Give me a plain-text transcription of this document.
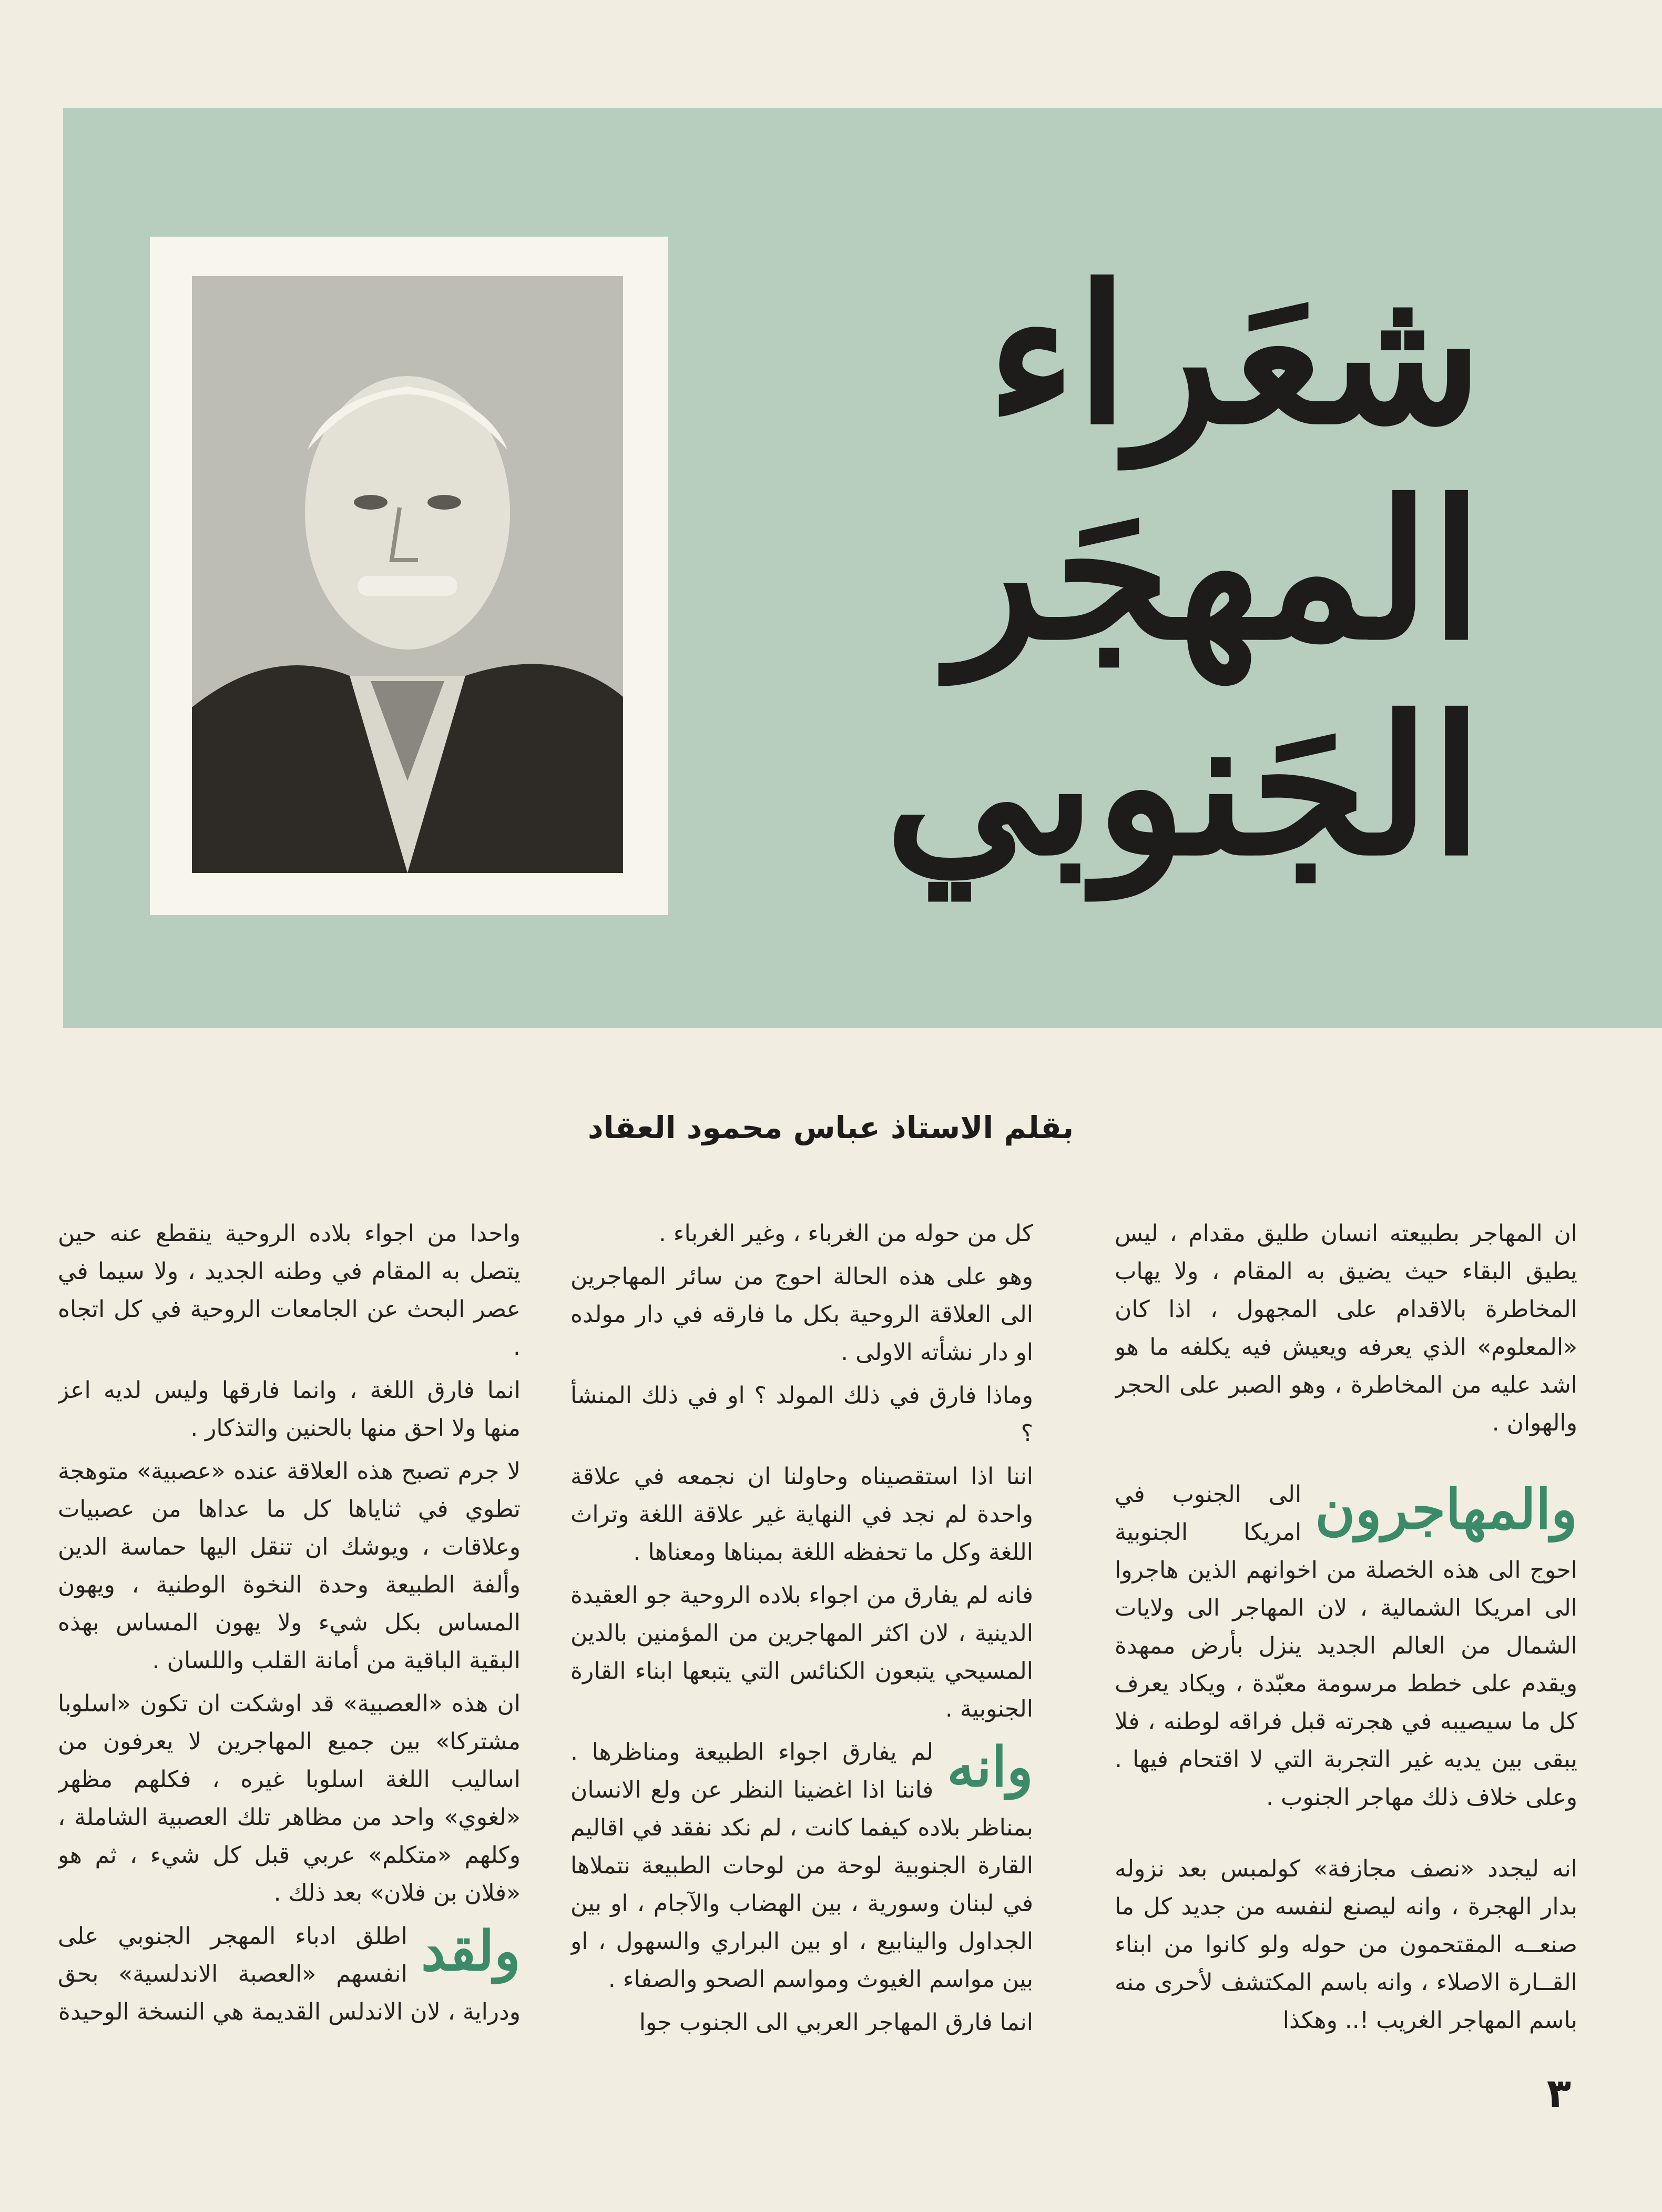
شعَراء
المهجَر
الجَنوبي
بقلم الاستاذ عباس محمود العقاد

ان المهاجر بطبيعته انسان طليق مقدام ، ليس يطيق البقاء حيث يضيق به المقام ، ولا يهاب المخاطرة بالاقدام على المجهول ، اذا كان «المعلوم» الذي يعرفه ويعيش فيه يكلفه ما هو اشد عليه من المخاطرة ، وهو الصبر على الحجر والهوان .

والمهاجرون
الى الجنوب في امريكا الجنوبية احوج الى هذه الخصلة من اخوانهم الذين هاجروا الى امريكا الشمالية ، لان المهاجر الى ولايات الشمال من العالم الجديد ينزل بأرض ممهدة ويقدم على خطط مرسومة معبّدة ، ويكاد يعرف كل ما سيصيبه في هجرته قبل فراقه لوطنه ، فلا يبقى بين يديه غير التجربة التي لا اقتحام فيها . وعلى خلاف ذلك مهاجر الجنوب .

انه ليجدد «نصف مجازفة» كولمبس بعد نزوله بدار الهجرة ، وانه ليصنع لنفسه من جديد كل ما صنعــه المقتحمون من حوله ولو كانوا من ابناء القــارة الاصلاء ، وانه باسم المكتشف لأحرى منه باسم المهاجر الغريب !.. وهكذا

كل من حوله من الغرباء ، وغير الغرباء .

وهو على هذه الحالة احوج من سائر المهاجرين الى العلاقة الروحية بكل ما فارقه في دار مولده او دار نشأته الاولى .

وماذا فارق في ذلك المولد ؟ او في ذلك المنشأ ؟

اننا اذا استقصيناه وحاولنا ان نجمعه في علاقة واحدة لم نجد في النهاية غير علاقة اللغة وتراث اللغة وكل ما تحفظه اللغة بمبناها ومعناها .

فانه لم يفارق من اجواء بلاده الروحية جو العقيدة الدينية ، لان اكثر المهاجرين من المؤمنين بالدين المسيحي يتبعون الكنائس التي يتبعها ابناء القارة الجنوبية .

وانه
لم يفارق اجواء الطبيعة ومناظرها . فاننا اذا اغضينا النظر عن ولع الانسان بمناظر بلاده كيفما كانت ، لم نكد نفقد في اقاليم القارة الجنوبية لوحة من لوحات الطبيعة نتملاها في لبنان وسورية ، بين الهضاب والآجام ، او بين الجداول والينابيع ، او بين البراري والسهول ، او بين مواسم الغيوث ومواسم الصحو والصفاء .

انما فارق المهاجر العربي الى الجنوب جوا

واحدا من اجواء بلاده الروحية ينقطع عنه حين يتصل به المقام في وطنه الجديد ، ولا سيما في عصر البحث عن الجامعات الروحية في كل اتجاه .

انما فارق اللغة ، وانما فارقها وليس لديه اعز منها ولا احق منها بالحنين والتذكار .

لا جرم تصبح هذه العلاقة عنده «عصبية» متوهجة تطوي في ثناياها كل ما عداها من عصبيات وعلاقات ، ويوشك ان تنقل اليها حماسة الدين وألفة الطبيعة وحدة النخوة الوطنية ، ويهون المساس بكل شيء ولا يهون المساس بهذه البقية الباقية من أمانة القلب واللسان .

ان هذه «العصبية» قد اوشكت ان تكون «اسلوبا مشتركا» بين جميع المهاجرين لا يعرفون من اساليب اللغة اسلوبا غيره ، فكلهم مظهر «لغوي» واحد من مظاهر تلك العصبية الشاملة ، وكلهم «متكلم» عربي قبل كل شيء ، ثم هو «فلان بن فلان» بعد ذلك .

ولقد
اطلق ادباء المهجر الجنوبي على انفسهم «العصبة الاندلسية» بحق ودراية ، لان الاندلس القديمة هي النسخة الوحيدة

٣
